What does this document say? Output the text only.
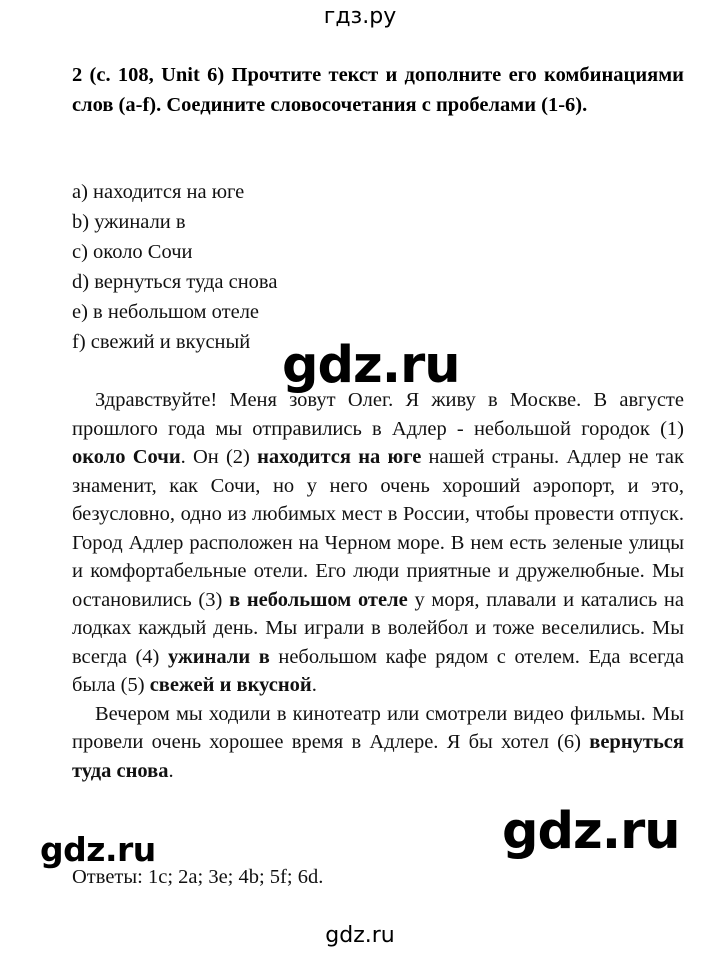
гдз.ру

2 (с. 108, Unit 6) Прочтите текст и дополните его комбинациями слов (a-f). Соедините словосочетания с пробелами (1-6).

a) находится на юге
b) ужинали в
c) около Сочи
d) вернуться туда снова
e) в небольшом отеле
f) свежий и вкусный

Здравствуйте! Меня зовут Олег. Я живу в Москве. В августе прошлого года мы отправились в Адлер - небольшой городок (1) около Сочи. Он (2) находится на юге нашей страны. Адлер не так знаменит, как Сочи, но у него очень хороший аэропорт, и это, безусловно, одно из любимых мест в России, чтобы провести отпуск. Город Адлер расположен на Черном море. В нем есть зеленые улицы и комфортабельные отели. Его люди приятные и дружелюбные. Мы остановились (3) в небольшом отеле у моря, плавали и катались на лодках каждый день. Мы играли в волейбол и тоже веселились. Мы всегда (4) ужинали в небольшом кафе рядом с отелем. Еда всегда была (5) свежей и вкусной.

Вечером мы ходили в кинотеатр или смотрели видео фильмы. Мы провели очень хорошее время в Адлере. Я бы хотел (6) вернуться туда снова.

Ответы: 1c; 2a; 3e; 4b; 5f; 6d.

gdz.ru
gdz.ru
gdz.ru
gdz.ru
